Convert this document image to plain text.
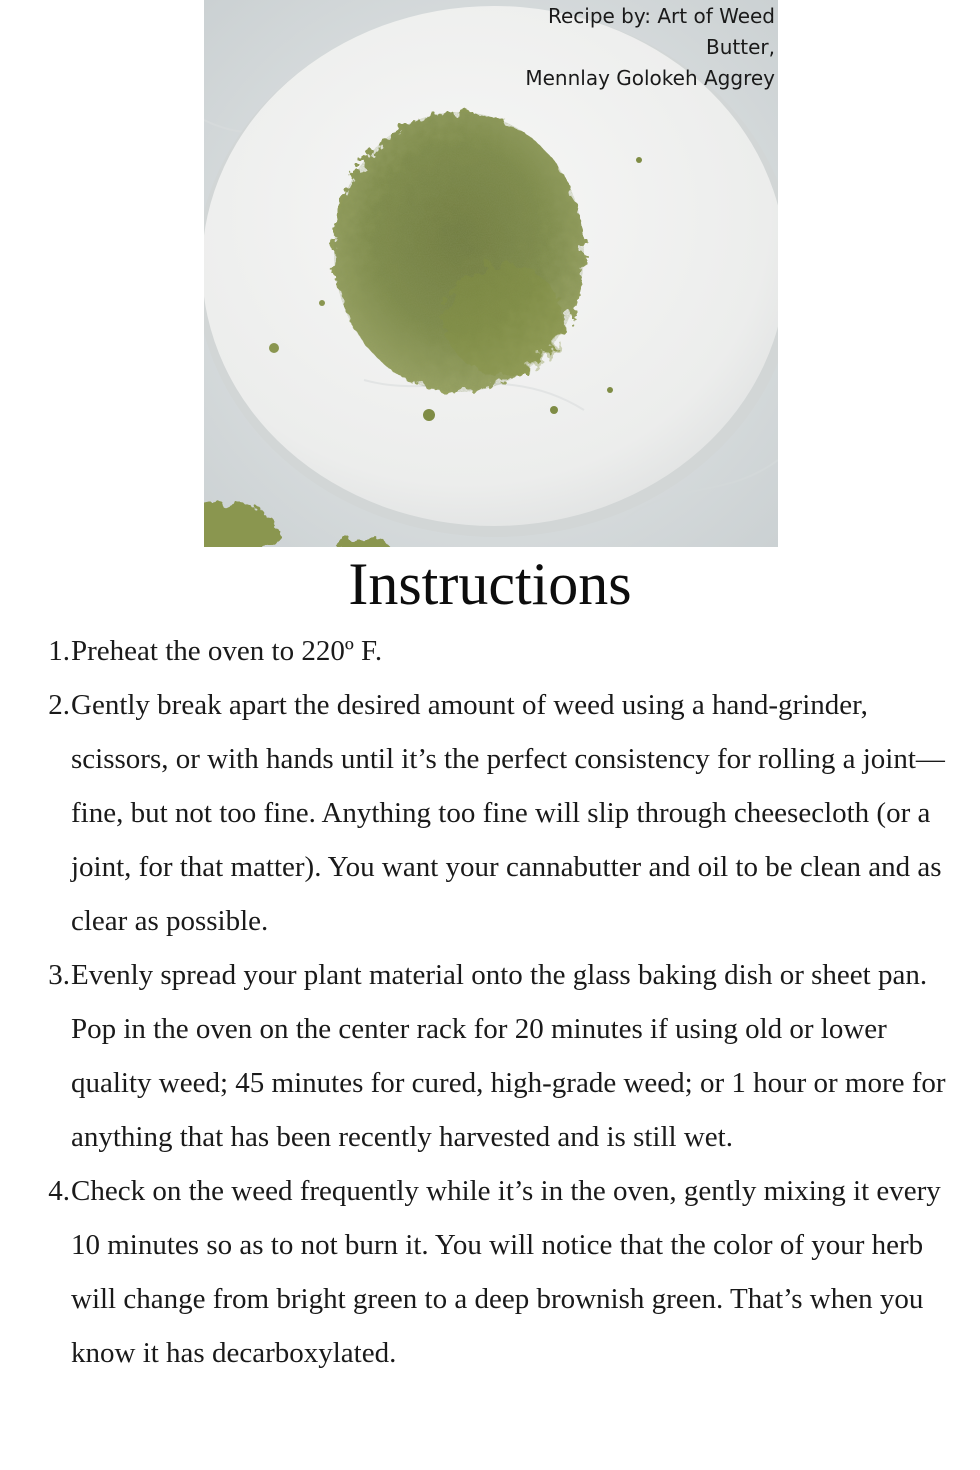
Recipe by: Art of Weed
Butter,
Mennlay Golokeh Aggrey
Instructions
1. Preheat the oven to 220º F.
2. Gently break apart the desired amount of weed using a hand-grinder, scissors, or with hands until it’s the perfect consistency for rolling a joint— fine, but not too fine. Anything too fine will slip through cheesecloth (or a joint, for that matter). You want your cannabutter and oil to be clean and as clear as possible.
3. Evenly spread your plant material onto the glass baking dish or sheet pan. Pop in the oven on the center rack for 20 minutes if using old or lower quality weed; 45 minutes for cured, high-grade weed; or 1 hour or more for anything that has been recently harvested and is still wet.
4. Check on the weed frequently while it’s in the oven, gently mixing it every 10 minutes so as to not burn it. You will notice that the color of your herb will change from bright green to a deep brownish green. That’s when you know it has decarboxylated.
